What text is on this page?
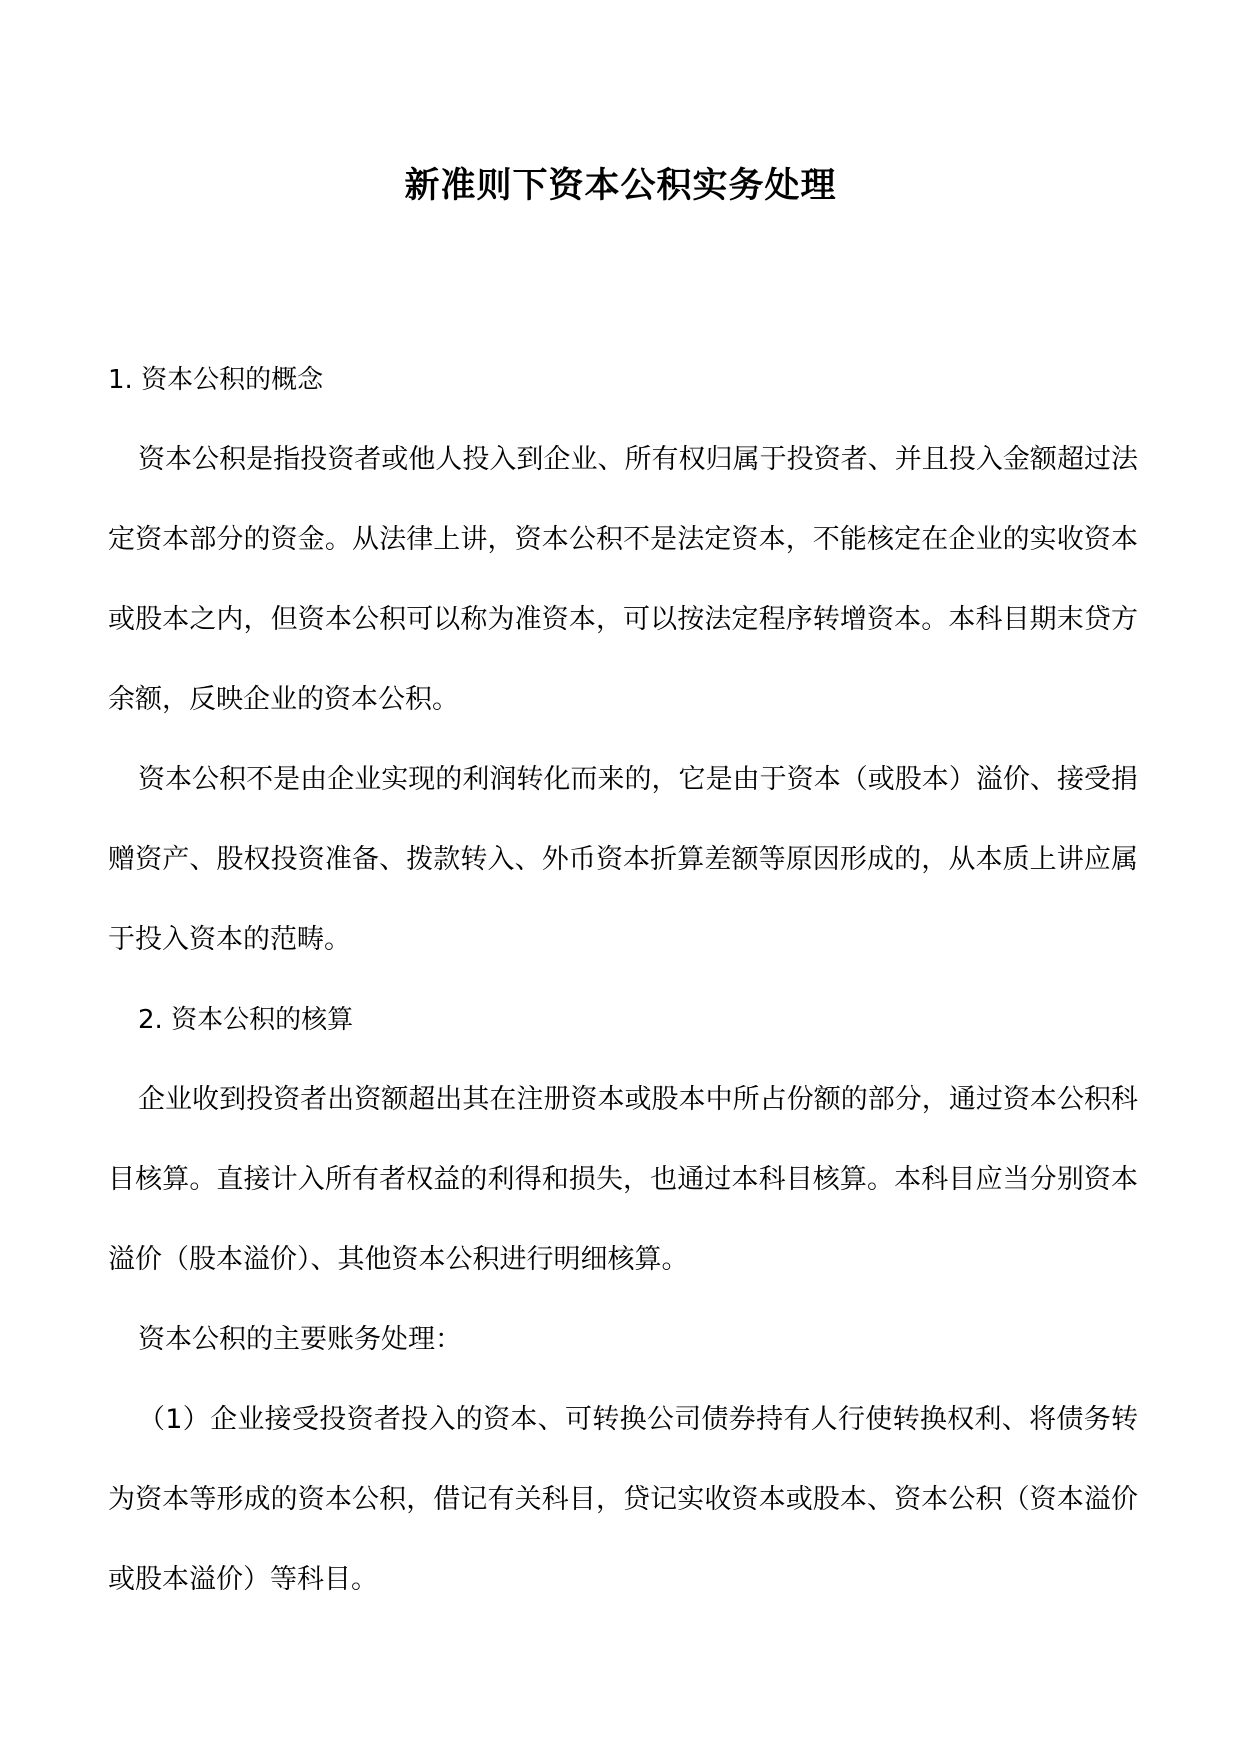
新准则下资本公积实务处理

1. 资本公积的概念

资本公积是指投资者或他人投入到企业、所有权归属于投资者、并且投入金额超过法定资本部分的资金。从法律上讲，资本公积不是法定资本，不能核定在企业的实收资本或股本之内，但资本公积可以称为准资本，可以按法定程序转增资本。本科目期末贷方余额，反映企业的资本公积。

资本公积不是由企业实现的利润转化而来的，它是由于资本（或股本）溢价、接受捐赠资产、股权投资准备、拨款转入、外币资本折算差额等原因形成的，从本质上讲应属于投入资本的范畴。

2. 资本公积的核算

企业收到投资者出资额超出其在注册资本或股本中所占份额的部分，通过资本公积科目核算。直接计入所有者权益的利得和损失，也通过本科目核算。本科目应当分别资本溢价（股本溢价）、其他资本公积进行明细核算。

资本公积的主要账务处理：

（1）企业接受投资者投入的资本、可转换公司债券持有人行使转换权利、将债务转为资本等形成的资本公积，借记有关科目，贷记实收资本或股本、资本公积（资本溢价或股本溢价）等科目。
